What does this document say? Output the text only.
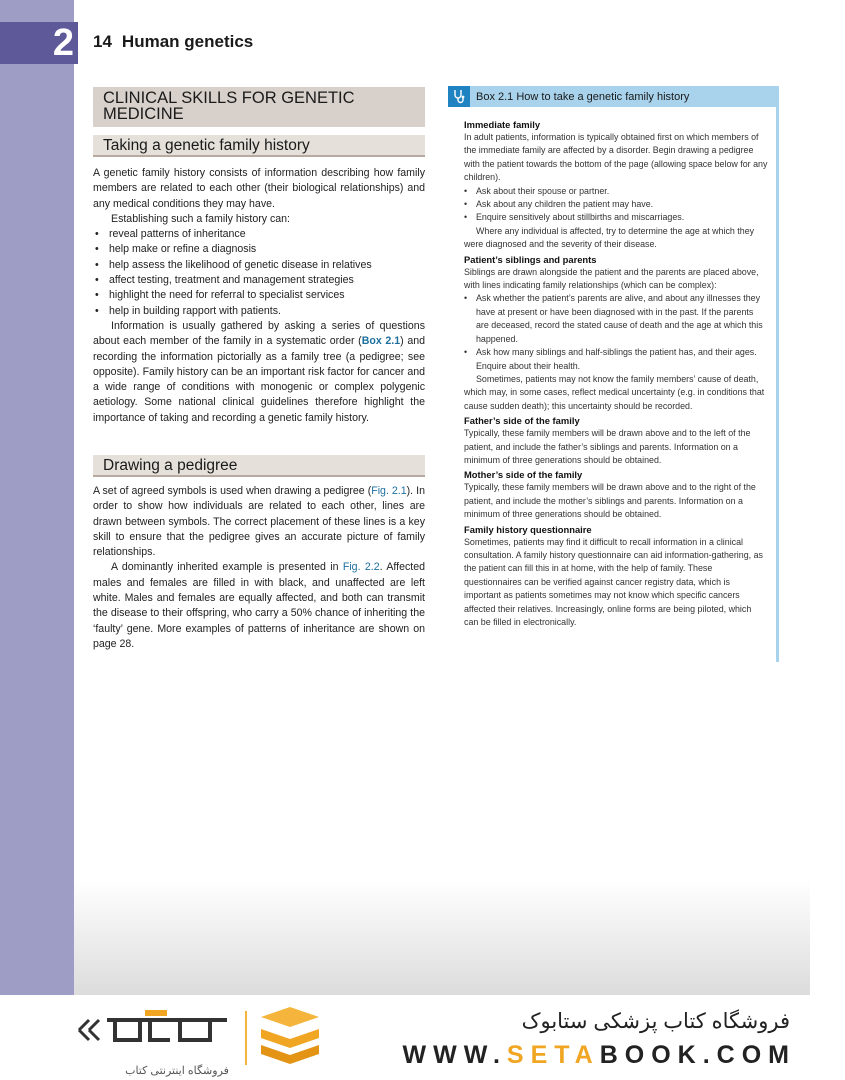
2 14 Human genetics
CLINICAL SKILLS FOR GENETIC MEDICINE
Taking a genetic family history

A genetic family history consists of information describing how family members are related to each other (their biological relationships) and any medical conditions they may have.

Establishing such a family history can:

• reveal patterns of inheritance
• help make or refine a diagnosis
• help assess the likelihood of genetic disease in relatives
• affect testing, treatment and management strategies
• highlight the need for referral to specialist services
• help in building rapport with patients.

Information is usually gathered by asking a series of questions about each member of the family in a systematic order (Box 2.1) and recording the information pictorially as a family tree (a pedigree; see opposite). Family history can be an important risk factor for cancer and a wide range of conditions with monogenic or complex polygenic aetiology. Some national clinical guidelines therefore highlight the importance of taking and recording a genetic family history.

Drawing a pedigree

A set of agreed symbols is used when drawing a pedigree (Fig. 2.1). In order to show how individuals are related to each other, lines are drawn between symbols. The correct placement of these lines is a key skill to ensure that the pedigree gives an accurate picture of family relationships.

A dominantly inherited example is presented in Fig. 2.2. Affected males and females are filled in with black, and unaffected are left white. Males and females are equally affected, and both can transmit the disease to their offspring, who carry a 50% chance of inheriting the ‘faulty’ gene. More examples of patterns of inheritance are shown on page 28.

Box 2.1 How to take a genetic family history
Immediate family

In adult patients, information is typically obtained first on which members of the immediate family are affected by a disorder. Begin drawing a pedigree with the patient towards the bottom of the page (allowing space below for any children).

• Ask about their spouse or partner.
• Ask about any children the patient may have.
• Enquire sensitively about stillbirths and miscarriages.

Where any individual is affected, try to determine the age at which they were diagnosed and the severity of their disease.

Patient’s siblings and parents

Siblings are drawn alongside the patient and the parents are placed above, with lines indicating family relationships (which can be complex):

• Ask whether the patient’s parents are alive, and about any illnesses they have at present or have been diagnosed with in the past. If the parents are deceased, record the stated cause of death and the age at which this happened.
• Ask how many siblings and half-siblings the patient has, and their ages. Enquire about their health.

Sometimes, patients may not know the family members’ cause of death, which may, in some cases, reflect medical uncertainty (e.g. in conditions that cause sudden death); this uncertainty should be recorded.

Father’s side of the family

Typically, these family members will be drawn above and to the left of the patient, and include the father’s siblings and parents. Information on a minimum of three generations should be obtained.

Mother’s side of the family

Typically, these family members will be drawn above and to the right of the patient, and include the mother’s siblings and parents. Information on a minimum of three generations should be obtained.

Family history questionnaire

Sometimes, patients may find it difficult to recall information in a clinical consultation. A family history questionnaire can aid information-gathering, as the patient can fill this in at home, with the help of family. These questionnaires can be verified against cancer registry data, which is important as patients sometimes may not know which specific cancers affected their relatives. Increasingly, online forms are being piloted, which can be filled in electronically.

فروشگاه اینترنتی کتاب
فروشگاه کتاب پزشکی ستابوک
WWW.SETABOOK.COM
